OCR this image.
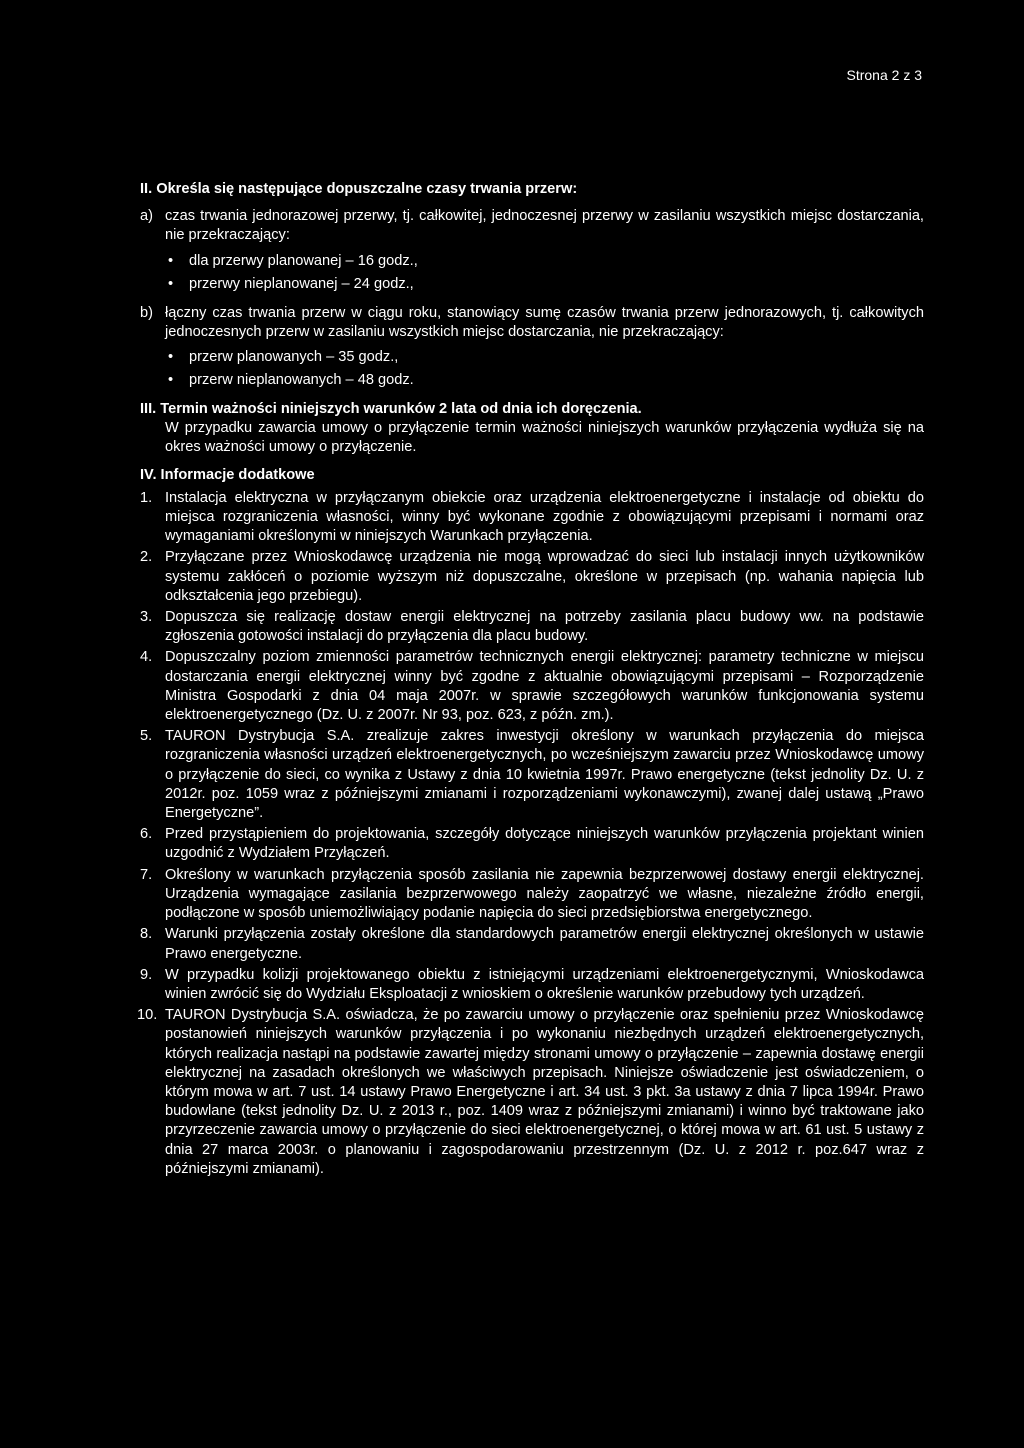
Strona 2 z 3

II. Określa się następujące dopuszczalne czasy trwania przerw:

a) czas trwania jednorazowej przerwy, tj. całkowitej, jednoczesnej przerwy w zasilaniu wszystkich miejsc dostarczania, nie przekraczający:
• dla przerwy planowanej – 16 godz.,
• przerwy nieplanowanej – 24 godz.,
b) łączny czas trwania przerw w ciągu roku, stanowiący sumę czasów trwania przerw jednorazowych, tj. całkowitych jednoczesnych przerw w zasilaniu wszystkich miejsc dostarczania, nie przekraczający:
• przerw planowanych – 35 godz.,
• przerw nieplanowanych – 48 godz.

III. Termin ważności niniejszych warunków 2 lata od dnia ich doręczenia.

W przypadku zawarcia umowy o przyłączenie termin ważności niniejszych warunków przyłączenia wydłuża się na okres ważności umowy o przyłączenie.

IV. Informacje dodatkowe

1. Instalacja elektryczna w przyłączanym obiekcie oraz urządzenia elektroenergetyczne i instalacje od obiektu do miejsca rozgraniczenia własności, winny być wykonane zgodnie z obowiązującymi przepisami i normami oraz wymaganiami określonymi w niniejszych Warunkach przyłączenia.
2. Przyłączane przez Wnioskodawcę urządzenia nie mogą wprowadzać do sieci lub instalacji innych użytkowników systemu zakłóceń o poziomie wyższym niż dopuszczalne, określone w przepisach (np. wahania napięcia lub odkształcenia jego przebiegu).
3. Dopuszcza się realizację dostaw energii elektrycznej na potrzeby zasilania placu budowy ww. na podstawie zgłoszenia gotowości instalacji do przyłączenia dla placu budowy.
4. Dopuszczalny poziom zmienności parametrów technicznych energii elektrycznej: parametry techniczne w miejscu dostarczania energii elektrycznej winny być zgodne z aktualnie obowiązującymi przepisami – Rozporządzenie Ministra Gospodarki z dnia 04 maja 2007r. w sprawie szczegółowych warunków funkcjonowania systemu elektroenergetycznego (Dz. U. z 2007r. Nr 93, poz. 623, z późn. zm.).
5. TAURON Dystrybucja S.A. zrealizuje zakres inwestycji określony w warunkach przyłączenia do miejsca rozgraniczenia własności urządzeń elektroenergetycznych, po wcześniejszym zawarciu przez Wnioskodawcę umowy o przyłączenie do sieci, co wynika z Ustawy z dnia 10 kwietnia 1997r. Prawo energetyczne (tekst jednolity Dz. U. z 2012r. poz. 1059 wraz z późniejszymi zmianami i rozporządzeniami wykonawczymi), zwanej dalej ustawą „Prawo Energetyczne”.
6. Przed przystąpieniem do projektowania, szczegóły dotyczące niniejszych warunków przyłączenia projektant winien uzgodnić z Wydziałem Przyłączeń.
7. Określony w warunkach przyłączenia sposób zasilania nie zapewnia bezprzerwowej dostawy energii elektrycznej. Urządzenia wymagające zasilania bezprzerwowego należy zaopatrzyć we własne, niezależne źródło energii, podłączone w sposób uniemożliwiający podanie napięcia do sieci przedsiębiorstwa energetycznego.
8. Warunki przyłączenia zostały określone dla standardowych parametrów energii elektrycznej określonych w ustawie Prawo energetyczne.
9. W przypadku kolizji projektowanego obiektu z istniejącymi urządzeniami elektroenergetycznymi, Wnioskodawca winien zwrócić się do Wydziału Eksploatacji z wnioskiem o określenie warunków przebudowy tych urządzeń.
10. TAURON Dystrybucja S.A. oświadcza, że po zawarciu umowy o przyłączenie oraz spełnieniu przez Wnioskodawcę postanowień niniejszych warunków przyłączenia i po wykonaniu niezbędnych urządzeń elektroenergetycznych, których realizacja nastąpi na podstawie zawartej między stronami umowy o przyłączenie – zapewnia dostawę energii elektrycznej na zasadach określonych we właściwych przepisach. Niniejsze oświadczenie jest oświadczeniem, o którym mowa w art. 7 ust. 14 ustawy Prawo Energetyczne i art. 34 ust. 3 pkt. 3a ustawy z dnia 7 lipca 1994r. Prawo budowlane (tekst jednolity Dz. U. z 2013 r., poz. 1409 wraz z późniejszymi zmianami) i winno być traktowane jako przyrzeczenie zawarcia umowy o przyłączenie do sieci elektroenergetycznej, o której mowa w art. 61 ust. 5 ustawy z dnia 27 marca 2003r. o planowaniu i zagospodarowaniu przestrzennym (Dz. U. z 2012 r. poz.647 wraz z późniejszymi zmianami).
